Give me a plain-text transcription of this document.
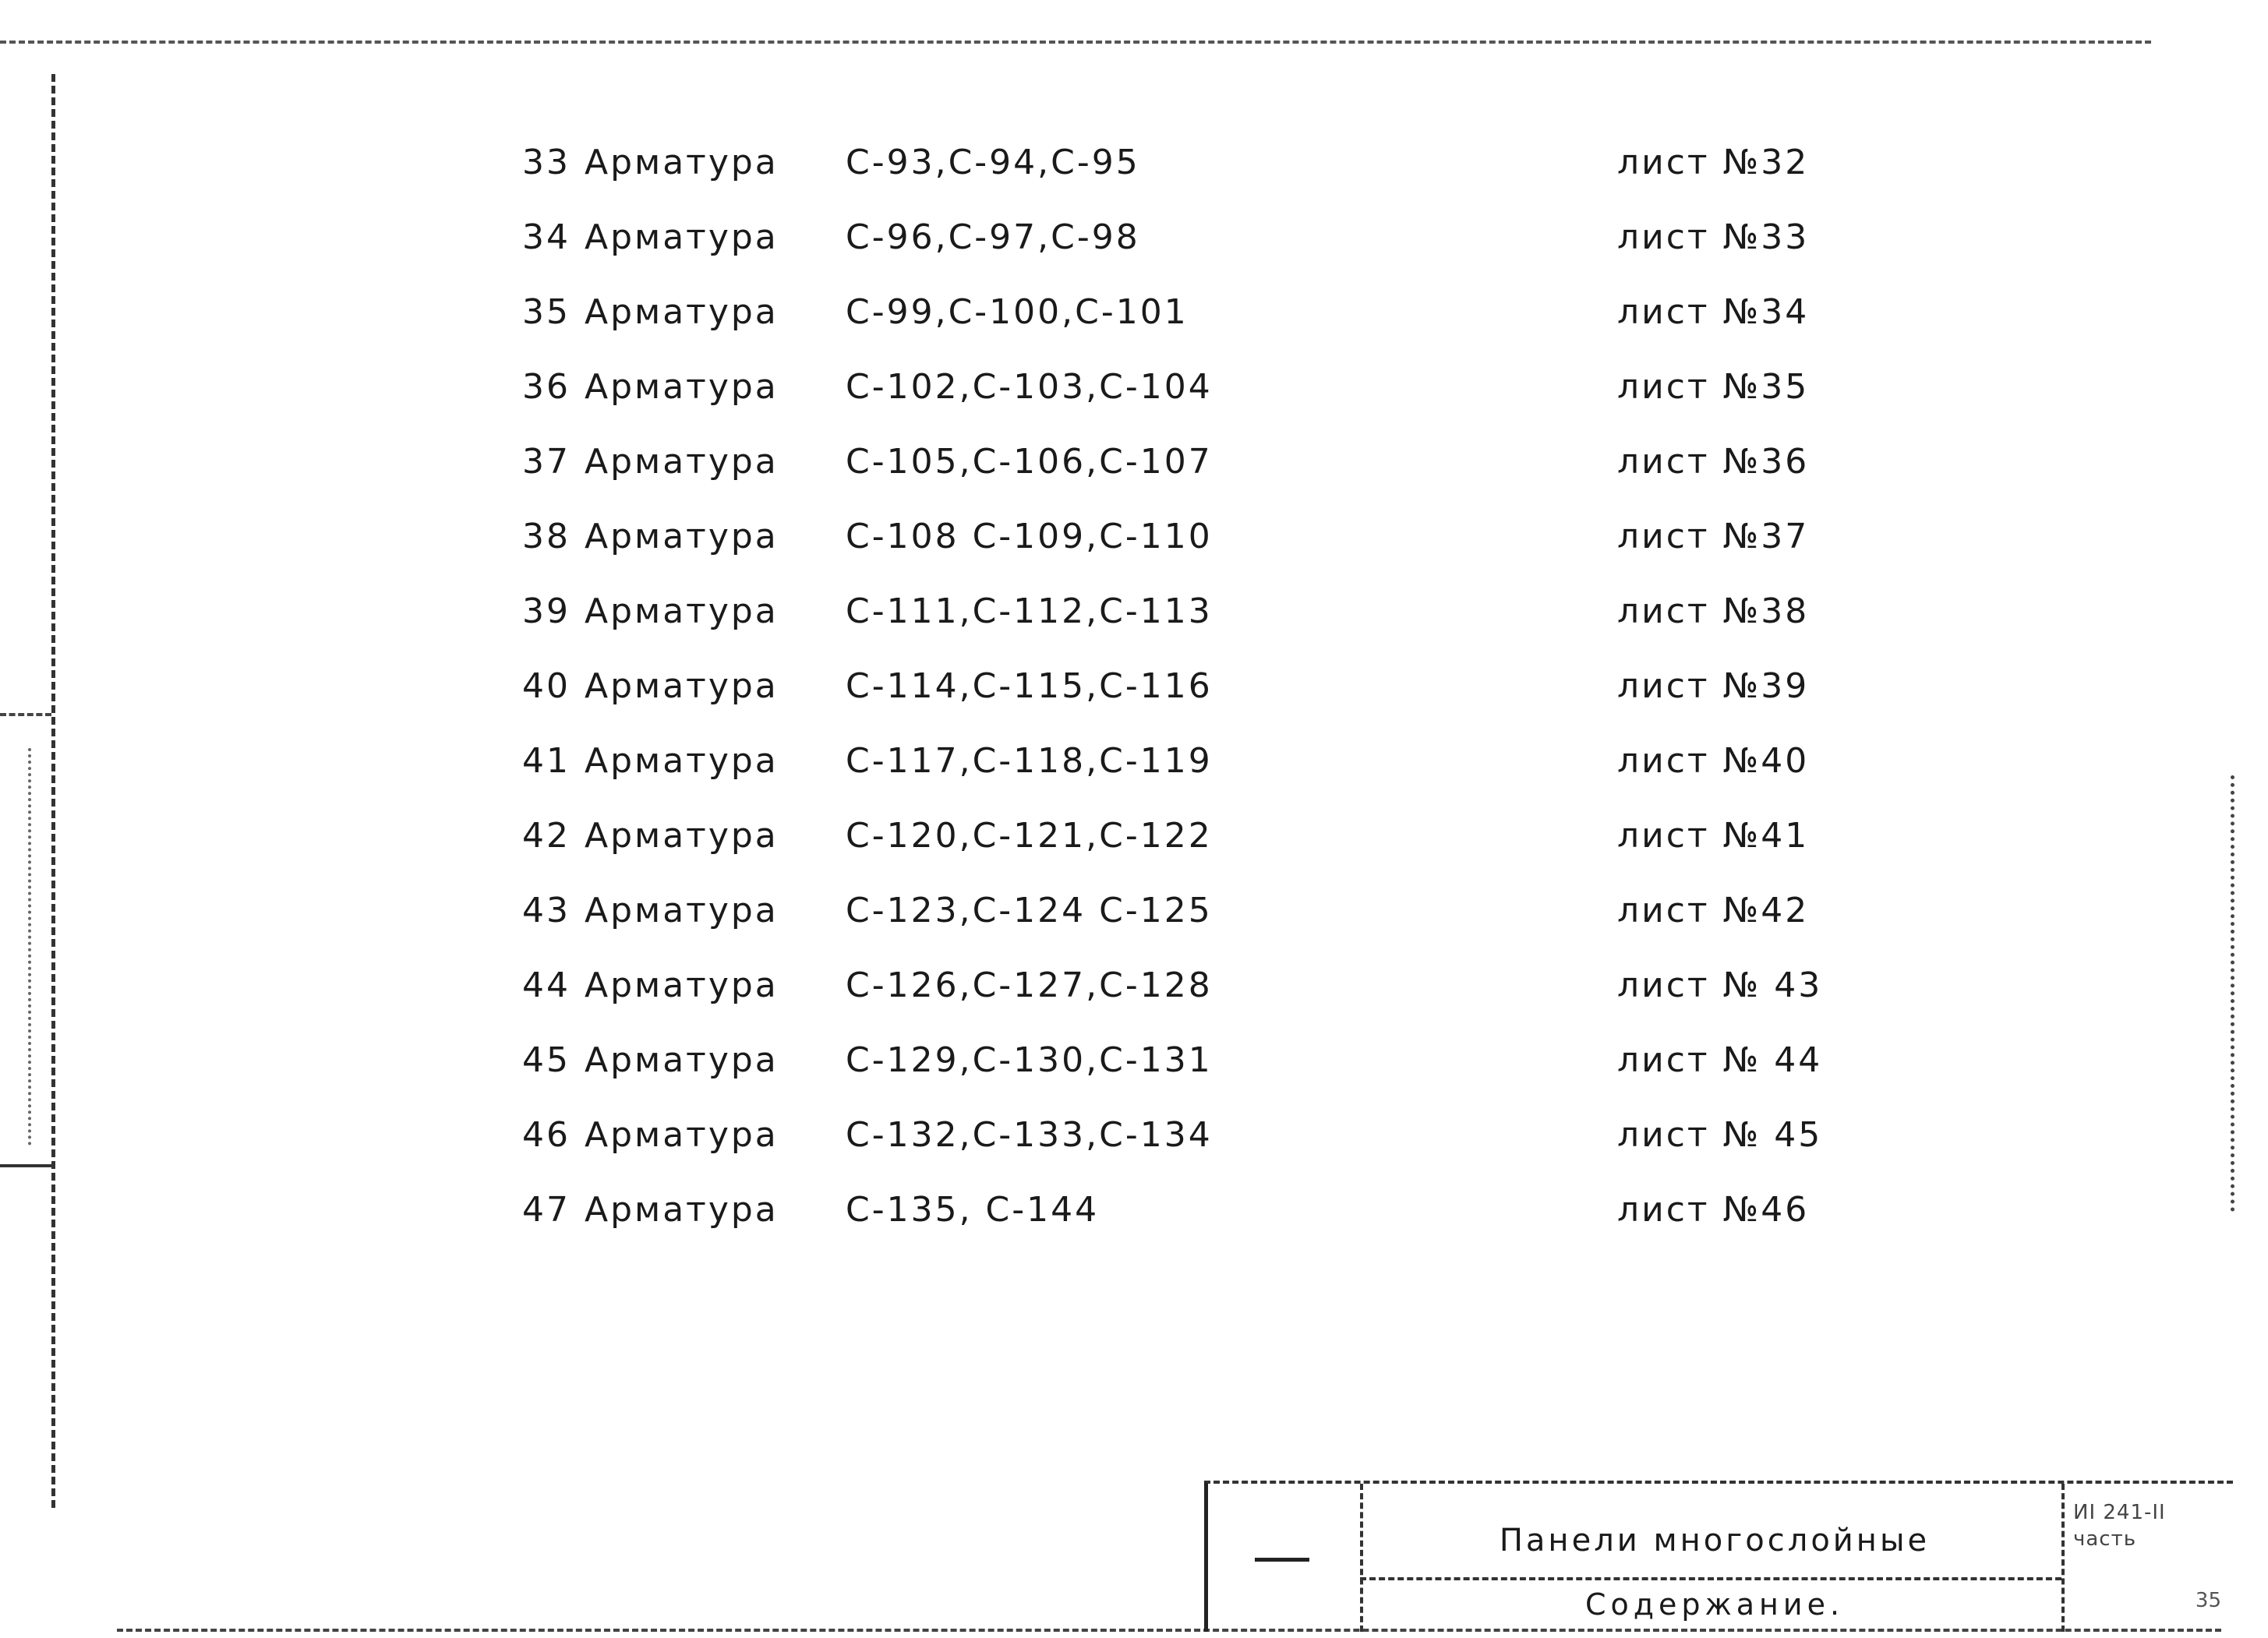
33 Арматура	С-93,С-94,С-95	лист №32
34 Арматура	С-96,С-97,С-98	лист №33
35 Арматура	С-99,С-100,С-101	лист №34
36 Арматура	С-102,С-103,С-104	лист №35
37 Арматура	С-105,С-106,С-107	лист №36
38 Арматура	С-108 С-109,С-110	лист №37
39 Арматура	С-111,С-112,С-113	лист №38
40 Арматура	С-114,С-115,С-116	лист №39
41 Арматура	С-117,С-118,С-119	лист №40
42 Арматура	С-120,С-121,С-122	лист №41
43 Арматура	С-123,С-124 С-125	лист №42
44 Арматура	С-126,С-127,С-128	лист № 43
45 Арматура	С-129,С-130,С-131	лист № 44
46 Арматура	С-132,С-133,С-134	лист № 45
47 Арматура	С-135, С-144	лист №46
Панели многослойные
Содержание.
ИI 241-II
часть
35
